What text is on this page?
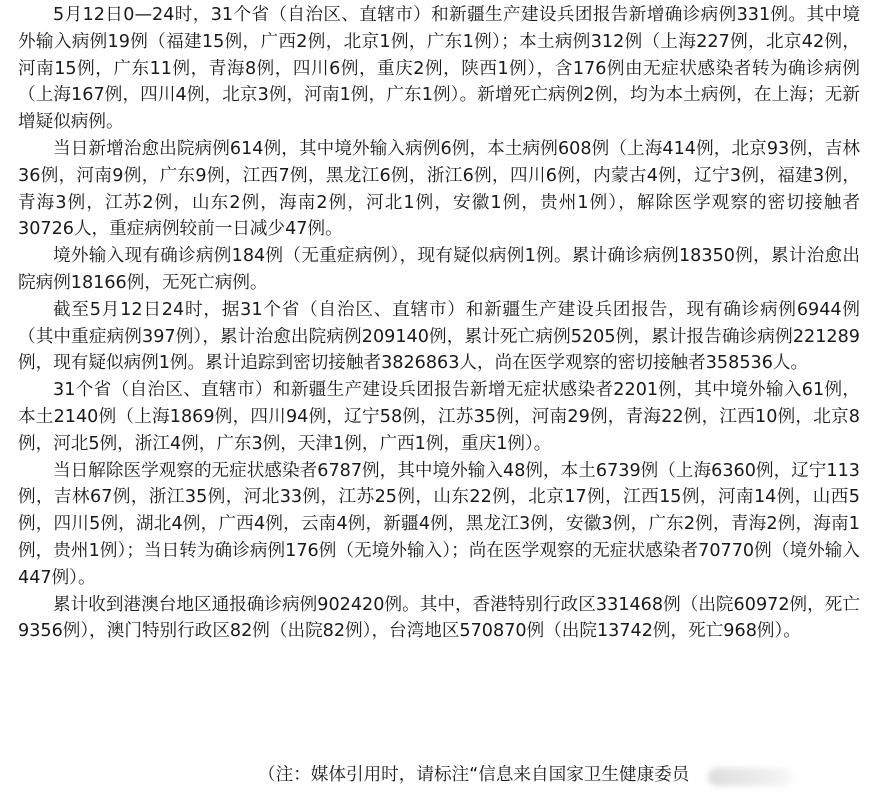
5月12日0—24时，31个省（自治区、直辖市）和新疆生产建设兵团报告新增确诊病例331例。其中境外输入病例19例（福建15例，广西2例，北京1例，广东1例）；本土病例312例（上海227例，北京42例，河南15例，广东11例，青海8例，四川6例，重庆2例，陕西1例），含176例由无症状感染者转为确诊病例（上海167例，四川4例，北京3例，河南1例，广东1例）。新增死亡病例2例，均为本土病例，在上海；无新增疑似病例。

当日新增治愈出院病例614例，其中境外输入病例6例，本土病例608例（上海414例，北京93例，吉林36例，河南9例，广东9例，江西7例，黑龙江6例，浙江6例，四川6例，内蒙古4例，辽宁3例，福建3例，青海3例，江苏2例，山东2例，海南2例，河北1例，安徽1例，贵州1例），解除医学观察的密切接触者30726人，重症病例较前一日减少47例。

境外输入现有确诊病例184例（无重症病例），现有疑似病例1例。累计确诊病例18350例，累计治愈出院病例18166例，无死亡病例。

截至5月12日24时，据31个省（自治区、直辖市）和新疆生产建设兵团报告，现有确诊病例6944例（其中重症病例397例），累计治愈出院病例209140例，累计死亡病例5205例，累计报告确诊病例221289例，现有疑似病例1例。累计追踪到密切接触者3826863人，尚在医学观察的密切接触者358536人。

31个省（自治区、直辖市）和新疆生产建设兵团报告新增无症状感染者2201例，其中境外输入61例，本土2140例（上海1869例，四川94例，辽宁58例，江苏35例，河南29例，青海22例，江西10例，北京8例，河北5例，浙江4例，广东3例，天津1例，广西1例，重庆1例）。

当日解除医学观察的无症状感染者6787例，其中境外输入48例，本土6739例（上海6360例，辽宁113例，吉林67例，浙江35例，河北33例，江苏25例，山东22例，北京17例，江西15例，河南14例，山西5例，四川5例，湖北4例，广西4例，云南4例，新疆4例，黑龙江3例，安徽3例，广东2例，青海2例，海南1例，贵州1例）；当日转为确诊病例176例（无境外输入）；尚在医学观察的无症状感染者70770例（境外输入447例）。

累计收到港澳台地区通报确诊病例902420例。其中，香港特别行政区331468例（出院60972例，死亡9356例），澳门特别行政区82例（出院82例），台湾地区570870例（出院13742例，死亡968例）。

（注：媒体引用时，请标注“信息来自国家卫生健康委员
